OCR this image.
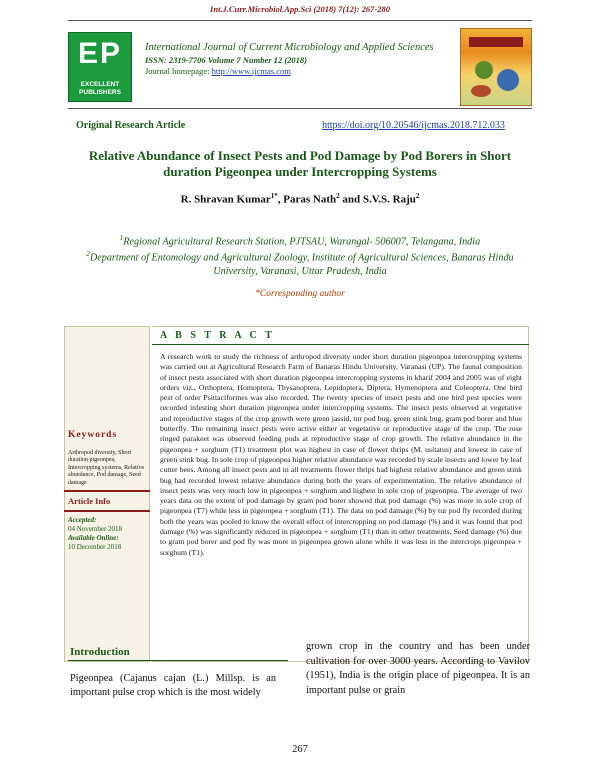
Int.J.Curr.Microbiol.App.Sci (2018) 7(12): 267-280
EP
EXCELLENT PUBLISHERS
International Journal of Current Microbiology and Applied Sciences
ISSN: 2319-7706 Volume 7 Number 12 (2018)
Journal homepage: http://www.ijcmas.com
Original Research Article	https://doi.org/10.20546/ijcmas.2018.712.033
Relative Abundance of Insect Pests and Pod Damage by Pod Borers in Short duration Pigeonpea under Intercropping Systems
R. Shravan Kumar$^{1*}$, Paras Nath$^2$ and S.V.S. Raju$^2$
$^1$Regional Agricultural Research Station, PJTSAU, Warangal- 506007, Telangana, India
$^2$Department of Entomology and Agricultural Zoology, Institute of Agricultural Sciences, Banaras Hindu University, Varanasi, Uttar Pradesh, India
*Corresponding author
A B S T R A C T
A research work to study the richness of arthropod diversity under short duration pigeonpea intercropping systems was carried out at Agricultural Research Farm of Banaras Hindu University, Varanasi (UP). The faunal composition of insect pests associated with short duration pigeonpea intercropping systems in kharif 2004 and 2005 was of eight orders viz., Orthoptera, Homoptera, Thysanoptera, Lepidoptera, Diptera, Hymenoptera and Coleoptera. One bird pest of order Psittaciformes was also recorded. The twenty species of insect pests and one bird pest species were recorded infesting short duration pigeonpea under intercropping systems. The insect pests observed at vegetative and reproductive stages of the crop growth were green jassid, tur pod bug, green stink bug, gram pod borer and blue butterfly. The remaining insect pests were active either at vegetative or reproductive stage of the crop. The rose ringed parakeet was observed feeding pods at reproductive stage of crop growth. The relative abundance in the pigeonpea + sorghum (T1) treatment plot was highest in case of flower thrips (M. usitatus) and lowest in case of green stink bug. In sole crop of pigeonpea higher relative abundance was recorded by scale insects and lower by leaf cutter bees. Among all insect pests and in all treatments flower thrips had highest relative abundance and green stink bug had recorded lowest relative abundance during both the years of experimentation. The relative abundance of insect pests was very much low in pigeonpea + sorghum and highest in sole crop of pigeonpea. The average of two years data on the extent of pod damage by gram pod borer showed that pod damage (%) was more in sole crop of pigeonpea (T7) while less in pigeonpea + sorghum (T1). The data on pod damage (%) by tur pod fly recorded during both the years was pooled to know the overall effect of intercropping on pod damage (%) and it was found that pod damage (%) was significantly reduced in pigeonpea + sorghum (T1) than in other treatments. Seed damage (%) due to gram pod borer and pod fly was more in pigeonpea grown alone while it was less in the intercrops pigeonpea + sorghum (T1).
Keywords
Arthropod diversity, Short duration pigeonpea, Intercropping systems, Relative abundance, Pod damage, Seed damage
Article Info
Accepted:
04 November 2018
Available Online:
10 December 2018
Introduction
Pigeonpea (Cajanus cajan (L.) Millsp. is an important pulse crop which is the most widely
grown crop in the country and has been under cultivation for over 3000 years. According to Vavilov (1951), India is the origin place of pigeonpea. It is an important pulse or grain
267
